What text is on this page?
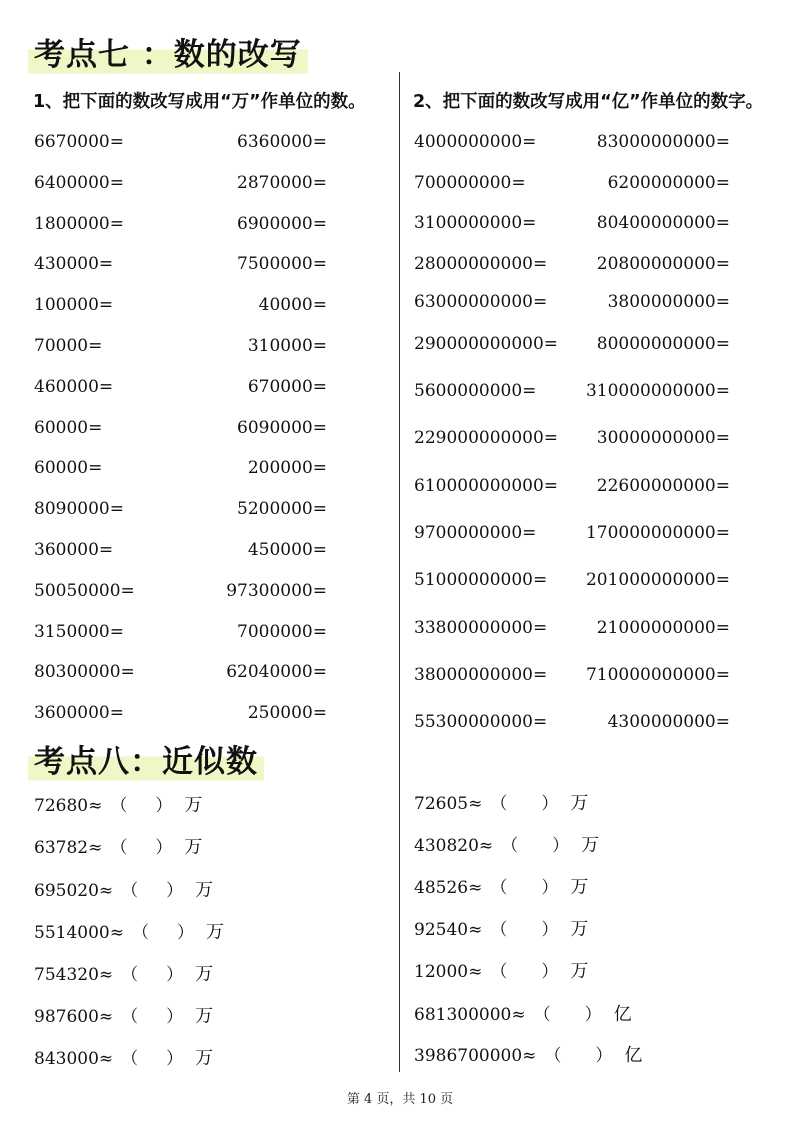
考点七 ：数的改写
1、把下面的数改写成用“万”作单位的数。	2、把下面的数改写成用“亿”作单位的数字。
6670000=
6400000=
1800000=
430000=
100000=
70000=
460000=
60000=
60000=
8090000=
360000=
50050000=
3150000=
80300000=
3600000=
6360000=
2870000=
6900000=
7500000=
40000=
310000=
670000=
6090000=
200000=
5200000=
450000=
97300000=
7000000=
62040000=
250000=
4000000000=
700000000=
3100000000=
28000000000=
63000000000=
290000000000=
5600000000=
229000000000=
610000000000=
9700000000=
51000000000=
33800000000=
38000000000=
55300000000=
83000000000=
6200000000=
80400000000=
20800000000=
3800000000=
80000000000=
310000000000=
30000000000=
22600000000=
170000000000=
201000000000=
21000000000=
710000000000=
4300000000=
考点八：近似数
72680≈ （ ） 万
63782≈ （ ） 万
695020≈ （ ） 万
5514000≈ （ ） 万
754320≈ （ ） 万
987600≈ （ ） 万
843000≈ （ ） 万
72605≈ （ ） 万
430820≈ （ ） 万
48526≈ （ ） 万
92540≈ （ ） 万
12000≈ （ ） 万
681300000≈ （ ） 亿
3986700000≈ （ ） 亿
第 4 页，共 10 页
